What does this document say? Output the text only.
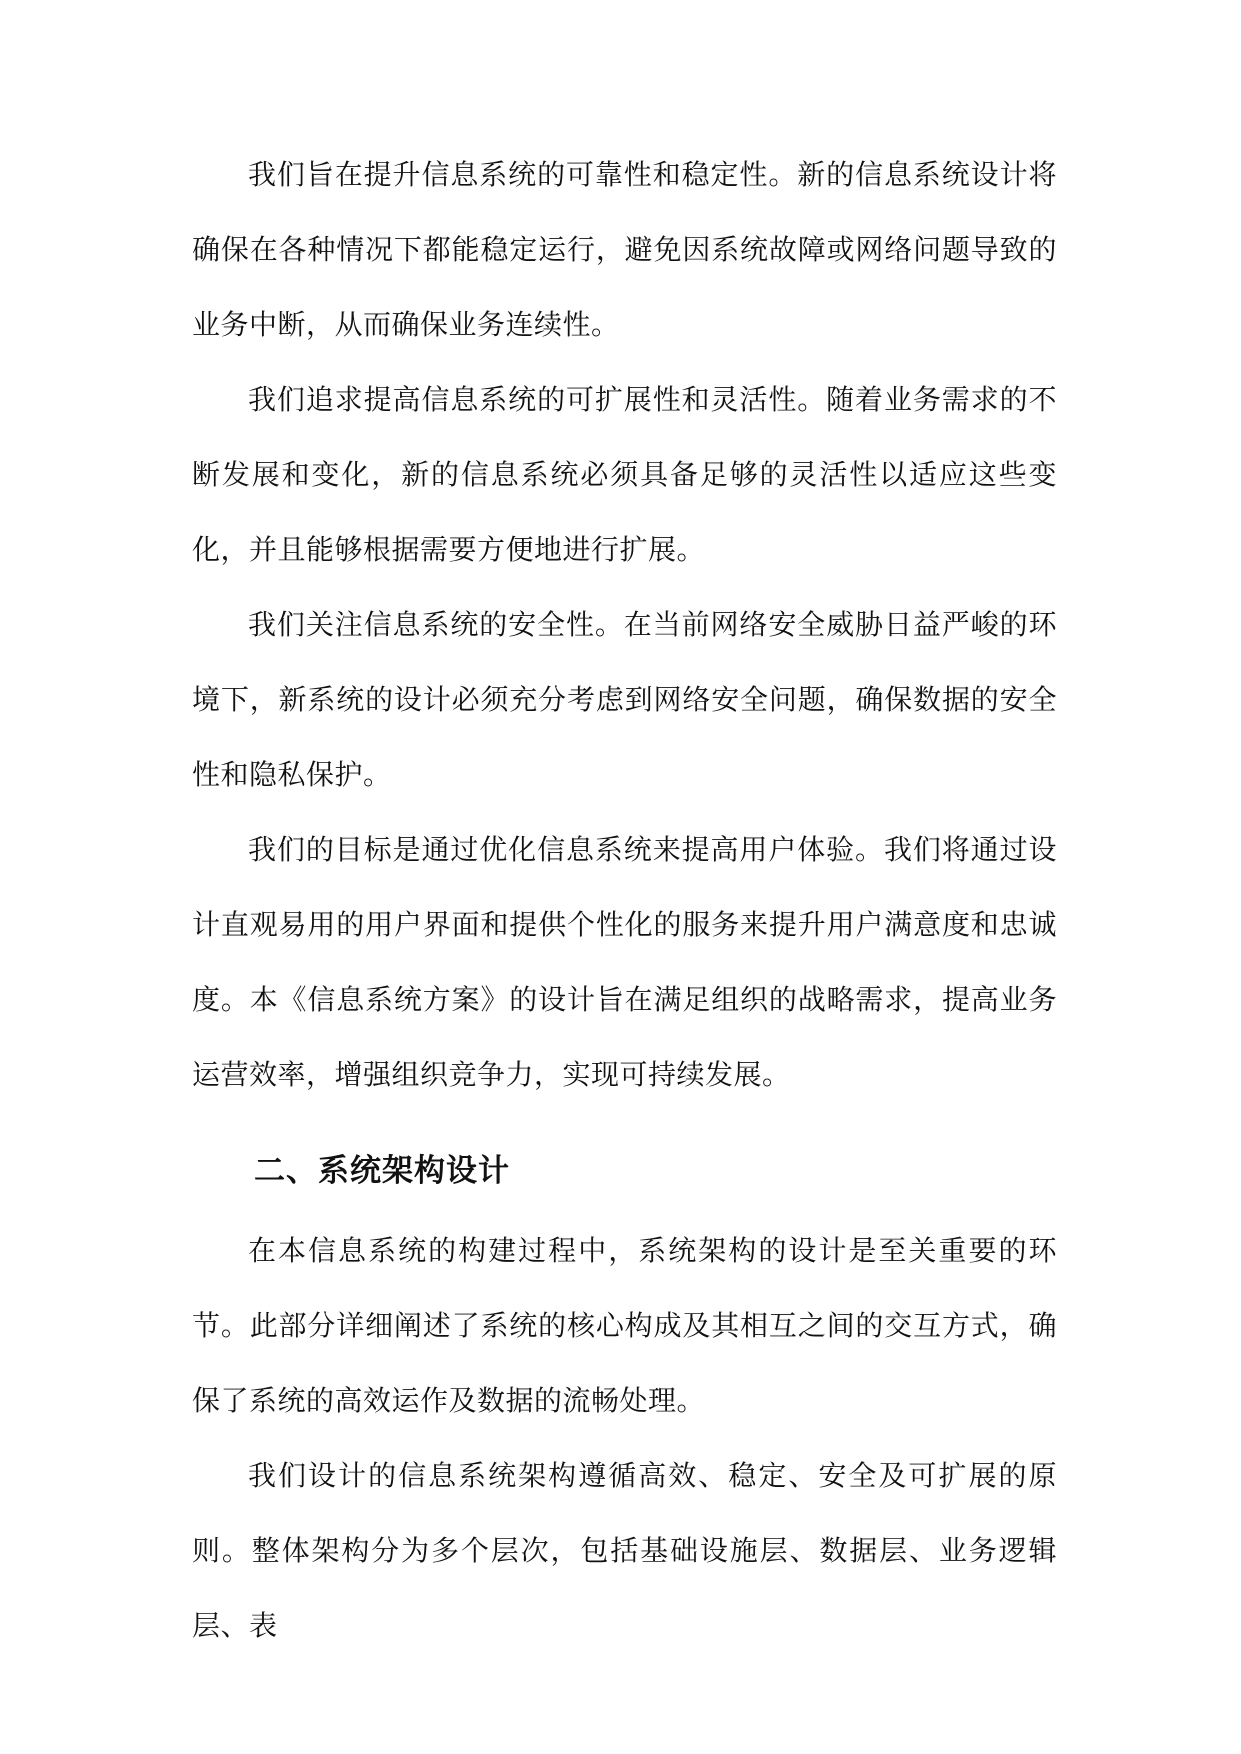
我们旨在提升信息系统的可靠性和稳定性。新的信息系统设计将确保在各种情况下都能稳定运行，避免因系统故障或网络问题导致的业务中断，从而确保业务连续性。

我们追求提高信息系统的可扩展性和灵活性。随着业务需求的不断发展和变化，新的信息系统必须具备足够的灵活性以适应这些变化，并且能够根据需要方便地进行扩展。

我们关注信息系统的安全性。在当前网络安全威胁日益严峻的环境下，新系统的设计必须充分考虑到网络安全问题，确保数据的安全性和隐私保护。

我们的目标是通过优化信息系统来提高用户体验。我们将通过设计直观易用的用户界面和提供个性化的服务来提升用户满意度和忠诚度。本《信息系统方案》的设计旨在满足组织的战略需求，提高业务运营效率，增强组织竞争力，实现可持续发展。

二、系统架构设计

在本信息系统的构建过程中，系统架构的设计是至关重要的环节。此部分详细阐述了系统的核心构成及其相互之间的交互方式，确保了系统的高效运作及数据的流畅处理。

我们设计的信息系统架构遵循高效、稳定、安全及可扩展的原则。整体架构分为多个层次，包括基础设施层、数据层、业务逻辑层、表
